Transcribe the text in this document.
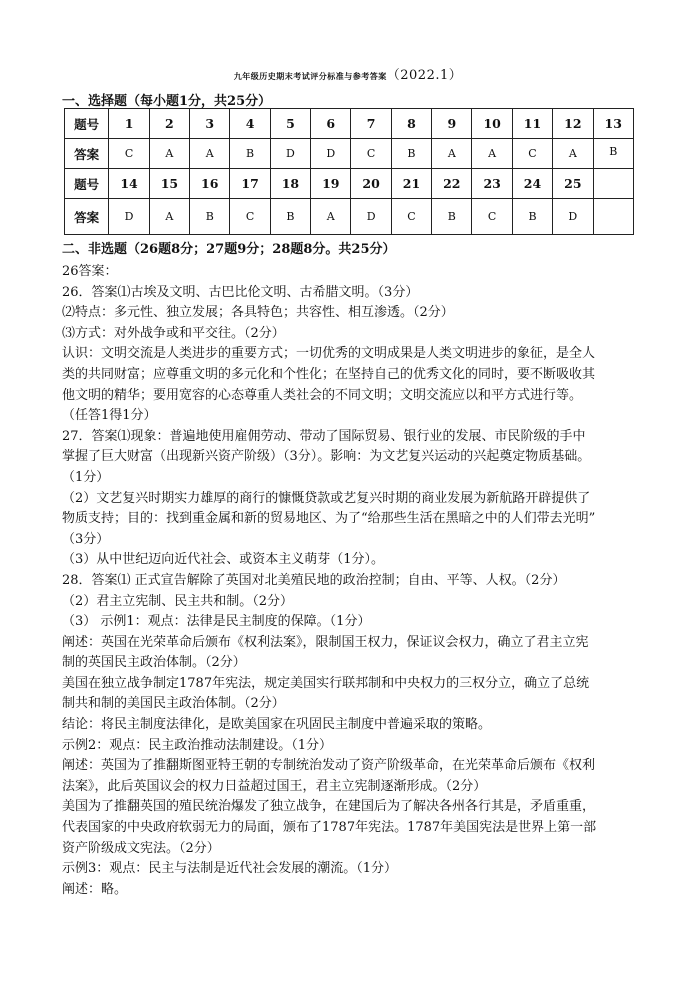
九年级历史期末考试评分标准与参考答案（2022.1）
一、选择题（每小题1分，共25分）
题号	1	2	3	4	5	6	7	8	9	10	11	12	13
答案	C	A	A	B	D	D	C	B	A	A	C	A	B
题号	14	15	16	17	18	19	20	21	22	23	24	25	
答案	D	A	B	C	B	A	D	C	B	C	B	D	
二、非选题（26题8分；27题9分；28题8分。共25分）
26答案：
26．答案⑴古埃及文明、古巴比伦文明、古希腊文明。（3分）
⑵特点：多元性、独立发展；各具特色；共容性、相互渗透。（2分）
⑶方式：对外战争或和平交往。（2分）
认识：文明交流是人类进步的重要方式；一切优秀的文明成果是人类文明进步的象征，是全人
类的共同财富；应尊重文明的多元化和个性化；在坚持自己的优秀文化的同时，要不断吸收其
他文明的精华；要用宽容的心态尊重人类社会的不同文明；文明交流应以和平方式进行等。
（任答1得1分）
27．答案⑴现象：普遍地使用雇佣劳动、带动了国际贸易、银行业的发展、市民阶级的手中
掌握了巨大财富（出现新兴资产阶级）（3分）。影响：为文艺复兴运动的兴起奠定物质基础。
（1分）
（2）文艺复兴时期实力雄厚的商行的慷慨贷款或艺复兴时期的商业发展为新航路开辟提供了
物质支持；目的：找到重金属和新的贸易地区、为了“给那些生活在黑暗之中的人们带去光明”
（3分）
（3）从中世纪迈向近代社会、或资本主义萌芽（1分）。
28．答案⑴ 正式宣告解除了英国对北美殖民地的政治控制；自由、平等、人权。（2分）
（2）君主立宪制、民主共和制。（2分）
（3） 示例1：观点：法律是民主制度的保障。（1分）
阐述：英国在光荣革命后颁布《权利法案》，限制国王权力，保证议会权力，确立了君主立宪
制的英国民主政治体制。（2分）
美国在独立战争制定1787年宪法，规定美国实行联邦制和中央权力的三权分立，确立了总统
制共和制的美国民主政治体制。（2分）
结论：将民主制度法律化，是欧美国家在巩固民主制度中普遍采取的策略。
示例2：观点：民主政治推动法制建设。（1分）
阐述：英国为了推翻斯图亚特王朝的专制统治发动了资产阶级革命，在光荣革命后颁布《权利
法案》，此后英国议会的权力日益超过国王，君主立宪制逐渐形成。（2分）
美国为了推翻英国的殖民统治爆发了独立战争，在建国后为了解决各州各行其是，矛盾重重，
代表国家的中央政府软弱无力的局面，颁布了1787年宪法。1787年美国宪法是世界上第一部
资产阶级成文宪法。（2分）
示例3：观点：民主与法制是近代社会发展的潮流。（1分）
阐述：略。
